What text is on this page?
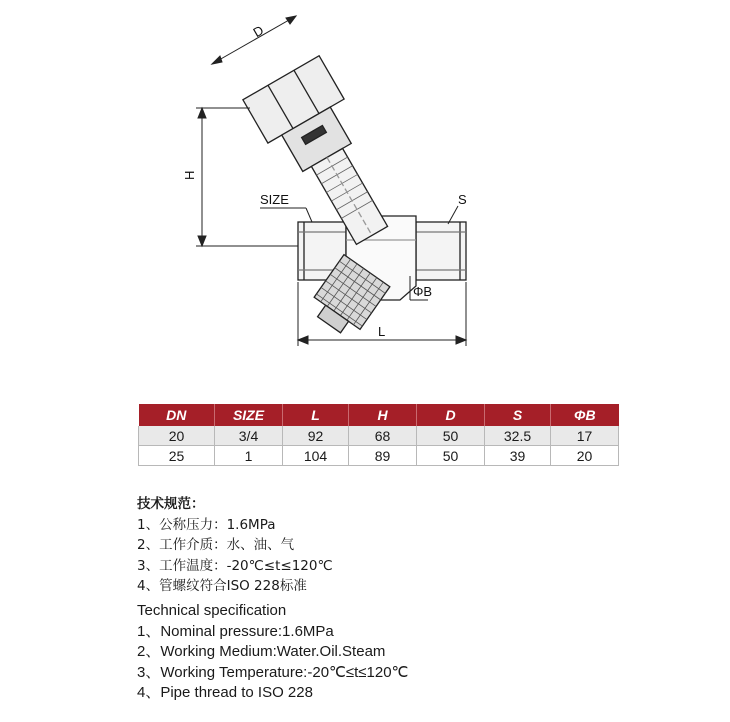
D
H
SIZE	S
ΦB
L
DN	SIZE	L	H	D	S	ΦB
20	3/4	92	68	50	32.5	17
25	1	104	89	50	39	20
技术规范：
1、公称压力：1.6MPa
2、工作介质：水、油、气
3、工作温度：-20℃≤t≤120℃
4、管螺纹符合ISO 228标准
Technical specification
1、Nominal pressure:1.6MPa
2、Working Medium:Water.Oil.Steam
3、Working Temperature:-20℃≤t≤120℃
4、Pipe thread to ISO 228
